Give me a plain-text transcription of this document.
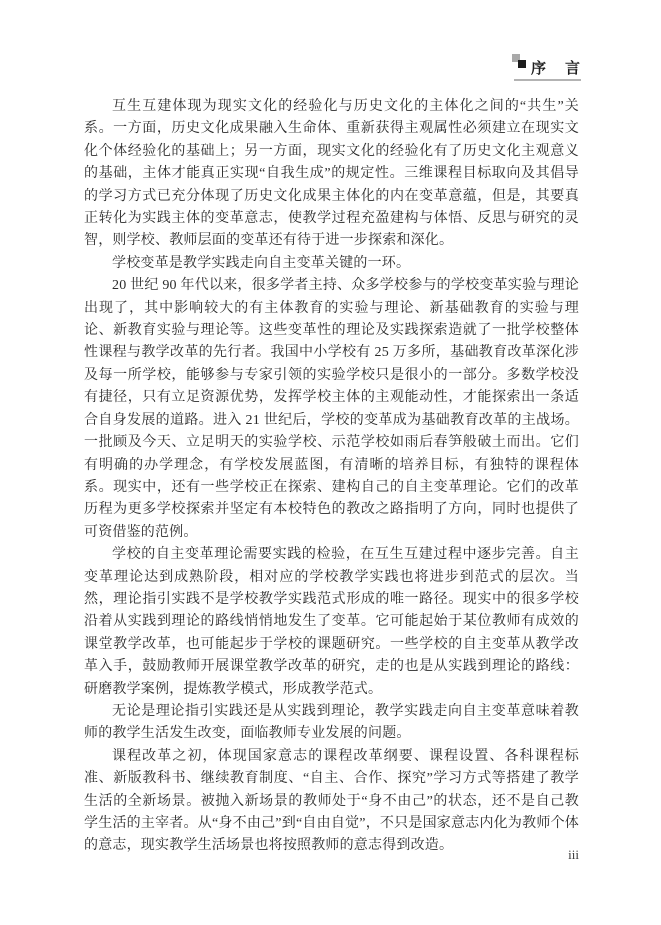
序 言

互生互建体现为现实文化的经验化与历史文化的主体化之间的“共生”关系。一方面，历史文化成果融入生命体、重新获得主观属性必须建立在现实文化个体经验化的基础上；另一方面，现实文化的经验化有了历史文化主观意义的基础，主体才能真正实现“自我生成”的规定性。三维课程目标取向及其倡导的学习方式已充分体现了历史文化成果主体化的内在变革意蕴，但是，其要真正转化为实践主体的变革意志，使教学过程充盈建构与体悟、反思与研究的灵智，则学校、教师层面的变革还有待于进一步探索和深化。

学校变革是教学实践走向自主变革关键的一环。

20 世纪 90 年代以来，很多学者主持、众多学校参与的学校变革实验与理论出现了，其中影响较大的有主体教育的实验与理论、新基础教育的实验与理论、新教育实验与理论等。这些变革性的理论及实践探索造就了一批学校整体性课程与教学改革的先行者。我国中小学校有 25 万多所，基础教育改革深化涉及每一所学校，能够参与专家引领的实验学校只是很小的一部分。多数学校没有捷径，只有立足资源优势，发挥学校主体的主观能动性，才能探索出一条适合自身发展的道路。进入 21 世纪后，学校的变革成为基础教育改革的主战场。一批顾及今天、立足明天的实验学校、示范学校如雨后春笋般破土而出。它们有明确的办学理念，有学校发展蓝图，有清晰的培养目标，有独特的课程体系。现实中，还有一些学校正在探索、建构自己的自主变革理论。它们的改革历程为更多学校探索并坚定有本校特色的教改之路指明了方向，同时也提供了可资借鉴的范例。

学校的自主变革理论需要实践的检验，在互生互建过程中逐步完善。自主变革理论达到成熟阶段，相对应的学校教学实践也将进步到范式的层次。当然，理论指引实践不是学校教学实践范式形成的唯一路径。现实中的很多学校沿着从实践到理论的路线悄悄地发生了变革。它可能起始于某位教师有成效的课堂教学改革，也可能起步于学校的课题研究。一些学校的自主变革从教学改革入手，鼓励教师开展课堂教学改革的研究，走的也是从实践到理论的路线：研磨教学案例，提炼教学模式，形成教学范式。

无论是理论指引实践还是从实践到理论，教学实践走向自主变革意味着教师的教学生活发生改变，面临教师专业发展的问题。

课程改革之初，体现国家意志的课程改革纲要、课程设置、各科课程标准、新版教科书、继续教育制度、“自主、合作、探究”学习方式等搭建了教学生活的全新场景。被抛入新场景的教师处于“身不由己”的状态，还不是自己教学生活的主宰者。从“身不由己”到“自由自觉”，不只是国家意志内化为教师个体的意志，现实教学生活场景也将按照教师的意志得到改造。

iii
